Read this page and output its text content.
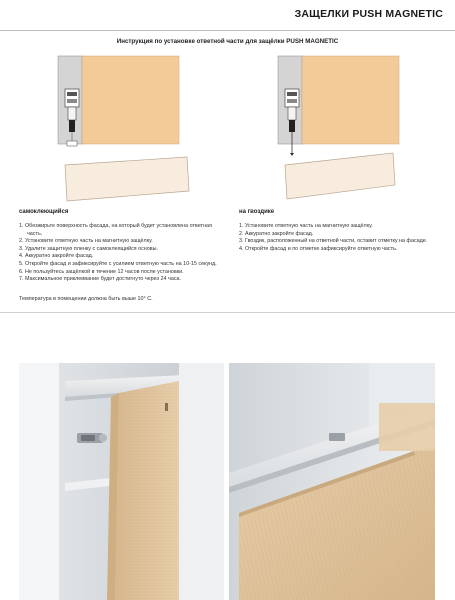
ЗАЩЕЛКИ PUSH MAGNETIC
Инструкция по установке ответной части для защёлки PUSH MAGNETIC
самоклеющийся
1. Обезжирьте поверхность фасада, на который будет установлена ответная часть.
2. Установите ответную часть на магнитную защёлку.
3. Удалите защитную пленку с самоклеящийся основы.
4. Аккуратно закройте фасад.
5. Откройте фасад и зафиксируйте с усилием ответную часть на 10-15 секунд.
6. Не пользуйтесь защёлкой в течение 12 часов после установки.
7. Максимальное приклеивание будет достигнуто через 24 часа.
Температура в помещении должна быть выше 10° С.
на гвоздике
1. Установите ответную часть на магнитную защёлку.
2. Аккуратно закройте фасад.
3. Гвоздик, расположенный на ответной части, оставит отметку на фасаде.
4. Откройте фасад и по отметке зафиксируйте ответную часть.
